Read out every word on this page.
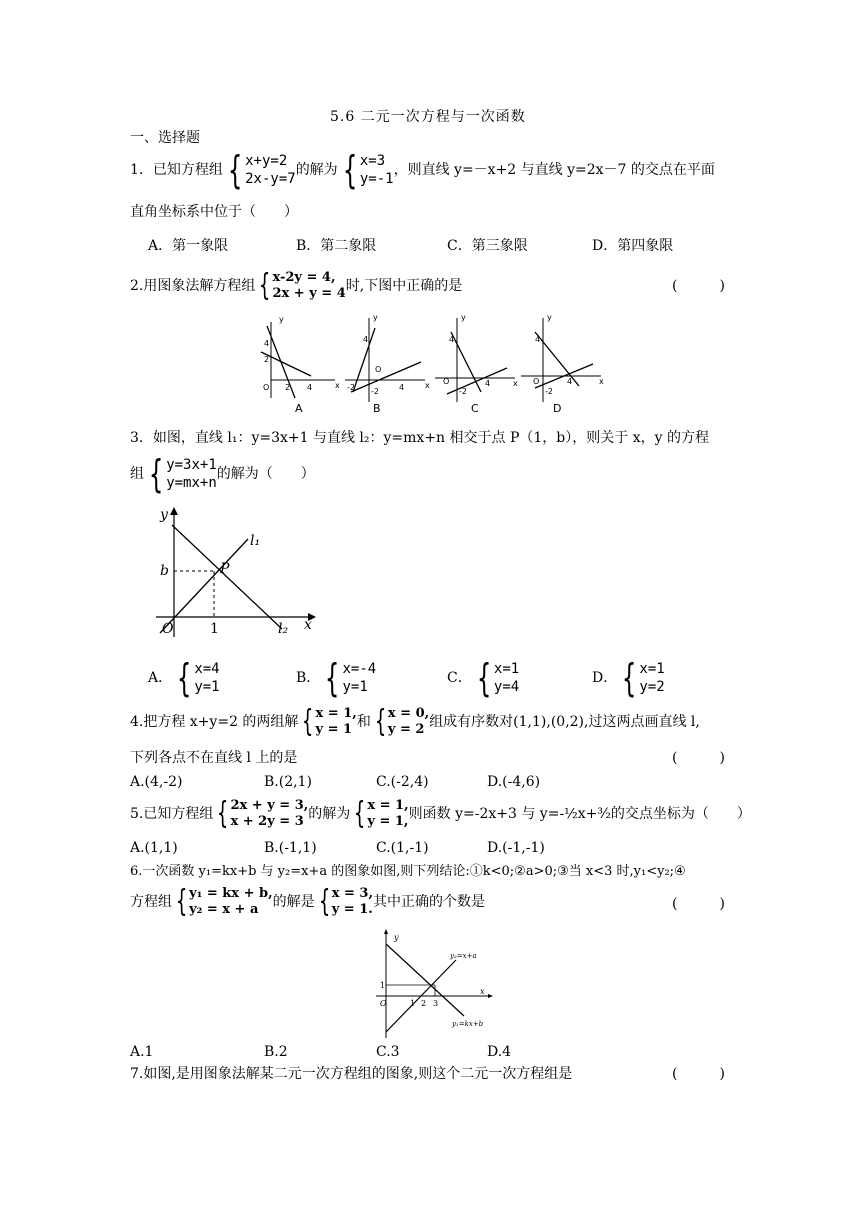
5.6 二元一次方程与一次函数
一、选择题
1．已知方程组 { x+y=2
2x-y=7
的解为 { x=3
y=-1
，则直线 y=－x+2 与直线 y=2x－7 的交点在平面
直角坐标系中位于（　　）
A．第一象限	B．第二象限	C．第三象限	D．第四象限
2.用图象法解方程组 { x-2y = 4,
2x + y = 4 时,下图中正确的是	(　　　)
O 2 4
4
2
y
x
A
O
-2	4
-2
4
y
x
B
O	4
-2
4
y
x
C
O	4
-2
4
y
x
D
3．如图，直线 l₁：y=3x+1 与直线 l₂：y=mx+n 相交于点 P（1，b），则关于 x，y 的方程
组 { y=3x+1
y=mx+n
的解为（　　）
y
x
O	1
b	P
l₁
l₂
A． { x=4
y=1
B． { x=-4
y=1
C． { x=1
y=4
D． { x=1
y=2
4.把方程 x+y=2 的两组解 { x = 1,
y = 1 和 { x = 0,
y = 2 组成有序数对(1,1),(0,2),过这两点画直线 l,
下列各点不在直线 l 上的是	(　　　)
A.(4,-2)	B.(2,1)	C.(-2,4)	D.(-4,6)
5.已知方程组 { 2x + y = 3,
x + 2y = 3 的解为 { x = 1,
y = 1, 则函数 y=-2x+3 与 y=-½x+³⁄₂的交点坐标为（　　）
A.(1,1)	B.(-1,1)	C.(1,-1)	D.(-1,-1)
6.一次函数 y₁=kx+b 与 y₂=x+a 的图象如图,则下列结论:①k<0;②a>0;③当 x<3 时,y₁<y₂;④
方程组 { y₁ = kx + b,
y₂ = x + a	的解是 { x = 3,
y = 1. 其中正确的个数是	(　　　)
y
x
O	1 2 3
1
y₂=x+a
y₁=kx+b
A.1	B.2	C.3	D.4
7.如图,是用图象法解某二元一次方程组的图象,则这个二元一次方程组是	(　　　)
